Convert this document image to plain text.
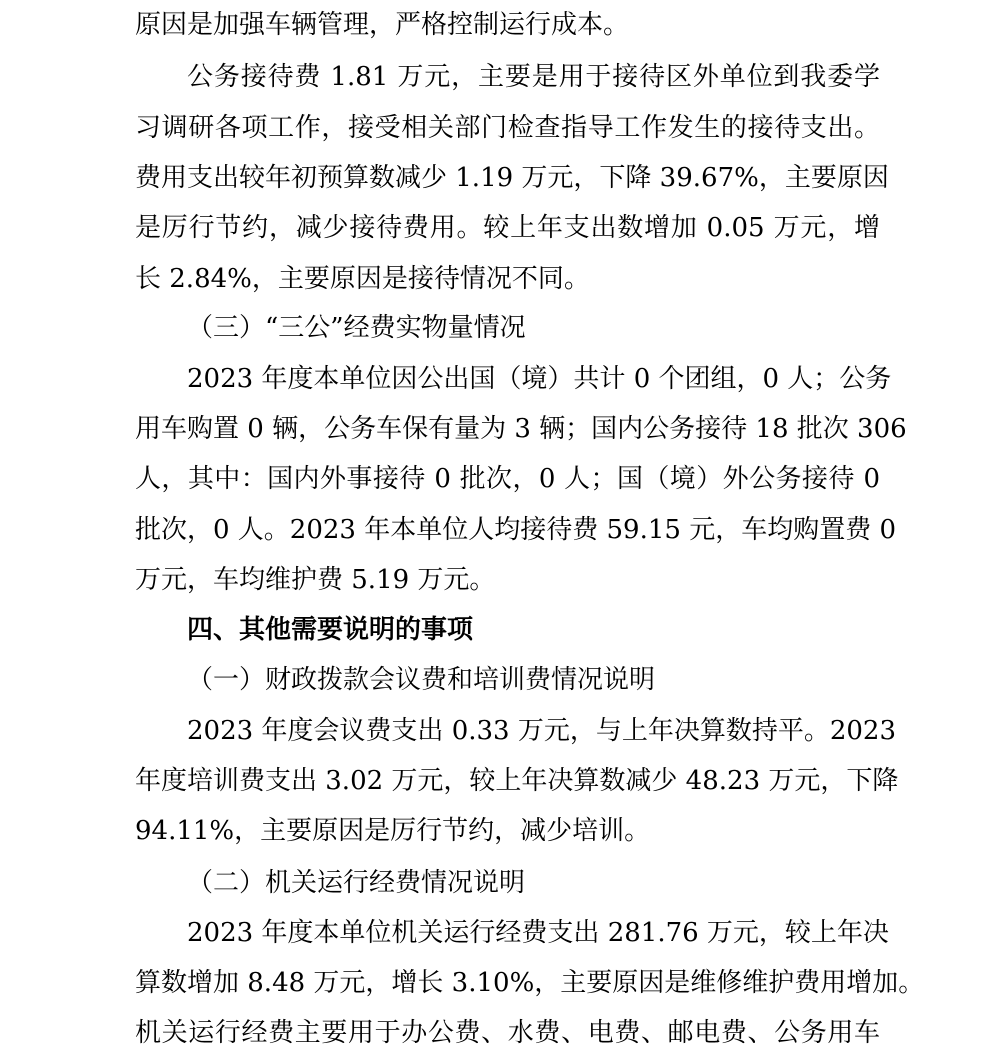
原因是加强车辆管理，严格控制运行成本。
公务接待费 1.81 万元，主要是用于接待区外单位到我委学
习调研各项工作，接受相关部门检查指导工作发生的接待支出。
费用支出较年初预算数减少 1.19 万元，下降 39.67%，主要原因
是厉行节约，减少接待费用。较上年支出数增加 0.05 万元，增
长 2.84%，主要原因是接待情况不同。
（三）“三公”经费实物量情况
2023 年度本单位因公出国（境）共计 0 个团组，0 人；公务
用车购置 0 辆，公务车保有量为 3 辆；国内公务接待 18 批次 306
人，其中：国内外事接待 0 批次，0 人；国（境）外公务接待 0
批次，0 人。2023 年本单位人均接待费 59.15 元，车均购置费 0
万元，车均维护费 5.19 万元。
四、其他需要说明的事项
（一）财政拨款会议费和培训费情况说明
2023 年度会议费支出 0.33 万元，与上年决算数持平。2023
年度培训费支出 3.02 万元，较上年决算数减少 48.23 万元，下降
94.11%，主要原因是厉行节约，减少培训。
（二）机关运行经费情况说明
2023 年度本单位机关运行经费支出 281.76 万元，较上年决
算数增加 8.48 万元，增长 3.10%，主要原因是维修维护费用增加。
机关运行经费主要用于办公费、水费、电费、邮电费、公务用车
